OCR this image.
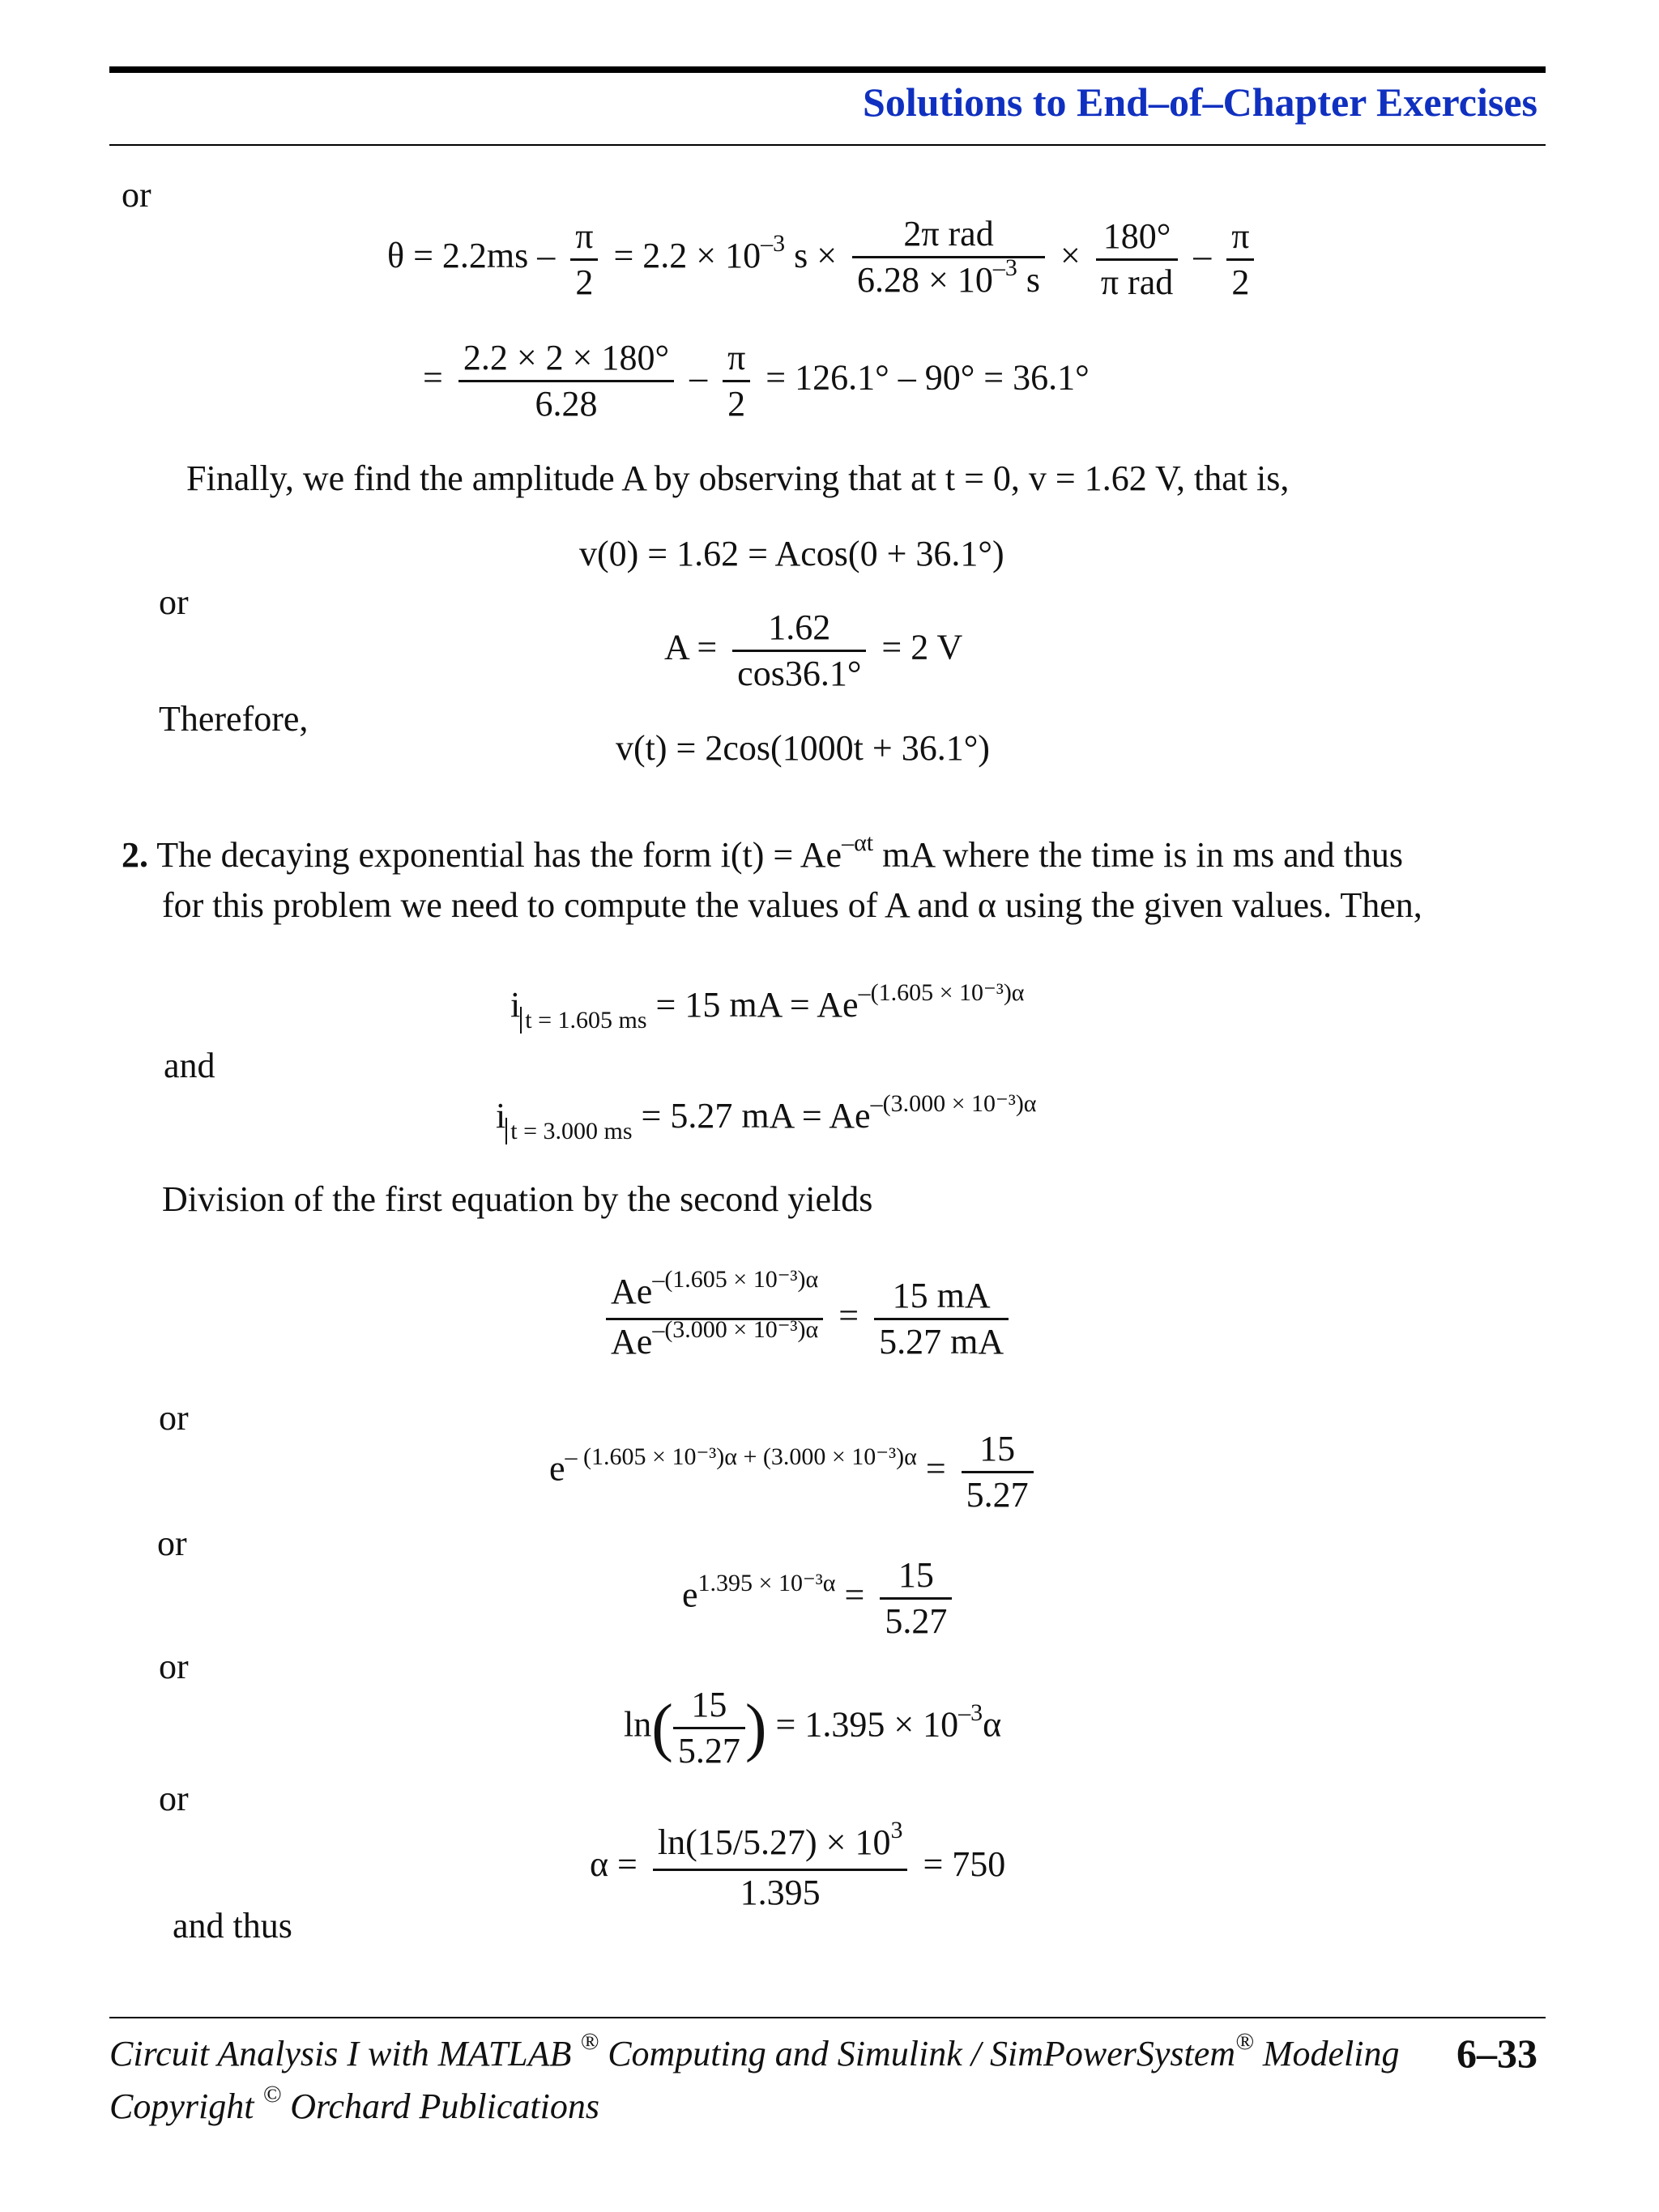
Solutions to End–of–Chapter Exercises
or
$\theta = 2.2ms - \frac{\pi}{2} = 2.2 \times 10^{-3}$ $s \times \frac{\text{2π rad}}{6.28 \times 10^{-3} s} \times \frac{180^\circ}{\text{π rad}} - \frac{\pi}{2}$
= $\frac{2.2 \times 2 \times 180^\circ}{6.28} - \frac{\pi}{2} = 126.1^\circ - 90^\circ = 36.1^\circ$
Finally, we find the amplitude A by observing that at t = 0, v = 1.62 V, that is,
v(0) = 1.62 = Acos(0 + 36.1°)
or
$A = \frac{1.62}{\cos 36.1^\circ} = 2$ V
Therefore,
v(t) = 2cos(1000t + 36.1°)
2. The decaying exponential has the form $i(t) = Ae^{-\alpha t}$ mA where the time is in ms and thus
for this problem we need to compute the values of A and α using the given values. Then,
i $_{t = 1.605 ms}$ = 15 mA = $Ae^{-(1.605 \times 10^{-3})\alpha}$
and
i $_{t = 3.000 ms}$ = 5.27 mA = $Ae^{-(3.000 \times 10^{-3})\alpha}$
Division of the first equation by the second yields
$\frac{Ae^{-(1.605 \times 10^{-3})\alpha}}{Ae^{-(3.000 \times 10^{-3})\alpha}} = \frac{15 mA}{5.27 mA}$
or
$e^{- (1.605 \times 10^{-3})\alpha + (3.000 \times 10^{-3})\alpha} = \frac{15}{5.27}$
or
$e^{1.395 \times 10^{-3}\alpha} = \frac{15}{5.27}$
or
$\ln( \frac{15}{5.27}$ ) = $1.395 \times 10^{-3}\alpha$
or
$\alpha = \frac{\ln(15/5.27) \times 10^3}{1.395} = 750$
and thus
Circuit Analysis I with MATLAB ® Computing and Simulink / SimPowerSystem® Modeling 6–33
Copyright © Orchard Publications
